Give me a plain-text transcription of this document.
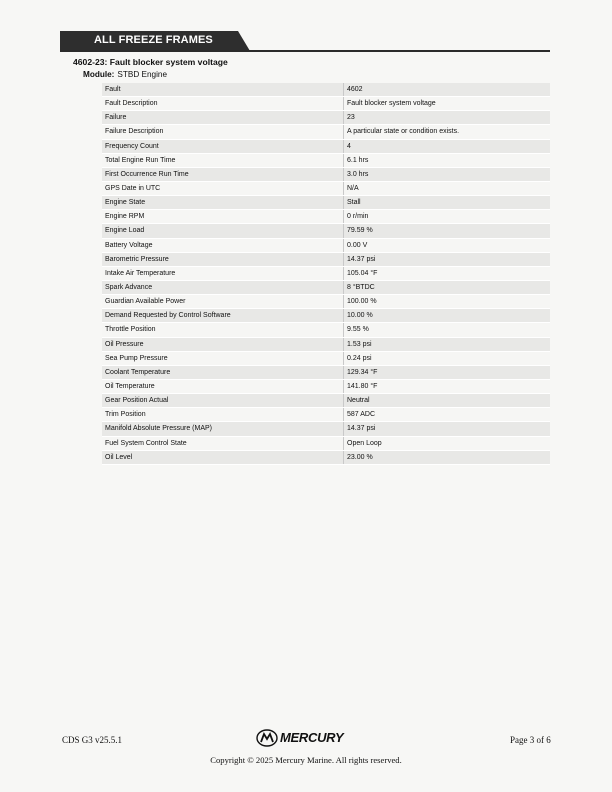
ALL FREEZE FRAMES
4602-23: Fault blocker system voltage
Module: STBD Engine
Fault	4602
Fault Description	Fault blocker system voltage
Failure	23
Failure Description	A particular state or condition exists.
Frequency Count	4
Total Engine Run Time	6.1 hrs
First Occurrence Run Time	3.0 hrs
GPS Date in UTC	N/A
Engine State	Stall
Engine RPM	0 r/min
Engine Load	79.59 %
Battery Voltage	0.00 V
Barometric Pressure	14.37 psi
Intake Air Temperature	105.04 °F
Spark Advance	8 °BTDC
Guardian Available Power	100.00 %
Demand Requested by Control Software	10.00 %
Throttle Position	9.55 %
Oil Pressure	1.53 psi
Sea Pump Pressure	0.24 psi
Coolant Temperature	129.34 °F
Oil Temperature	141.80 °F
Gear Position Actual	Neutral
Trim Position	587 ADC
Manifold Absolute Pressure (MAP)	14.37 psi
Fuel System Control State	Open Loop
Oil Level	23.00 %
CDS G3 v25.5.1	MERCURY	Page 3 of 6
Copyright © 2025 Mercury Marine. All rights reserved.
